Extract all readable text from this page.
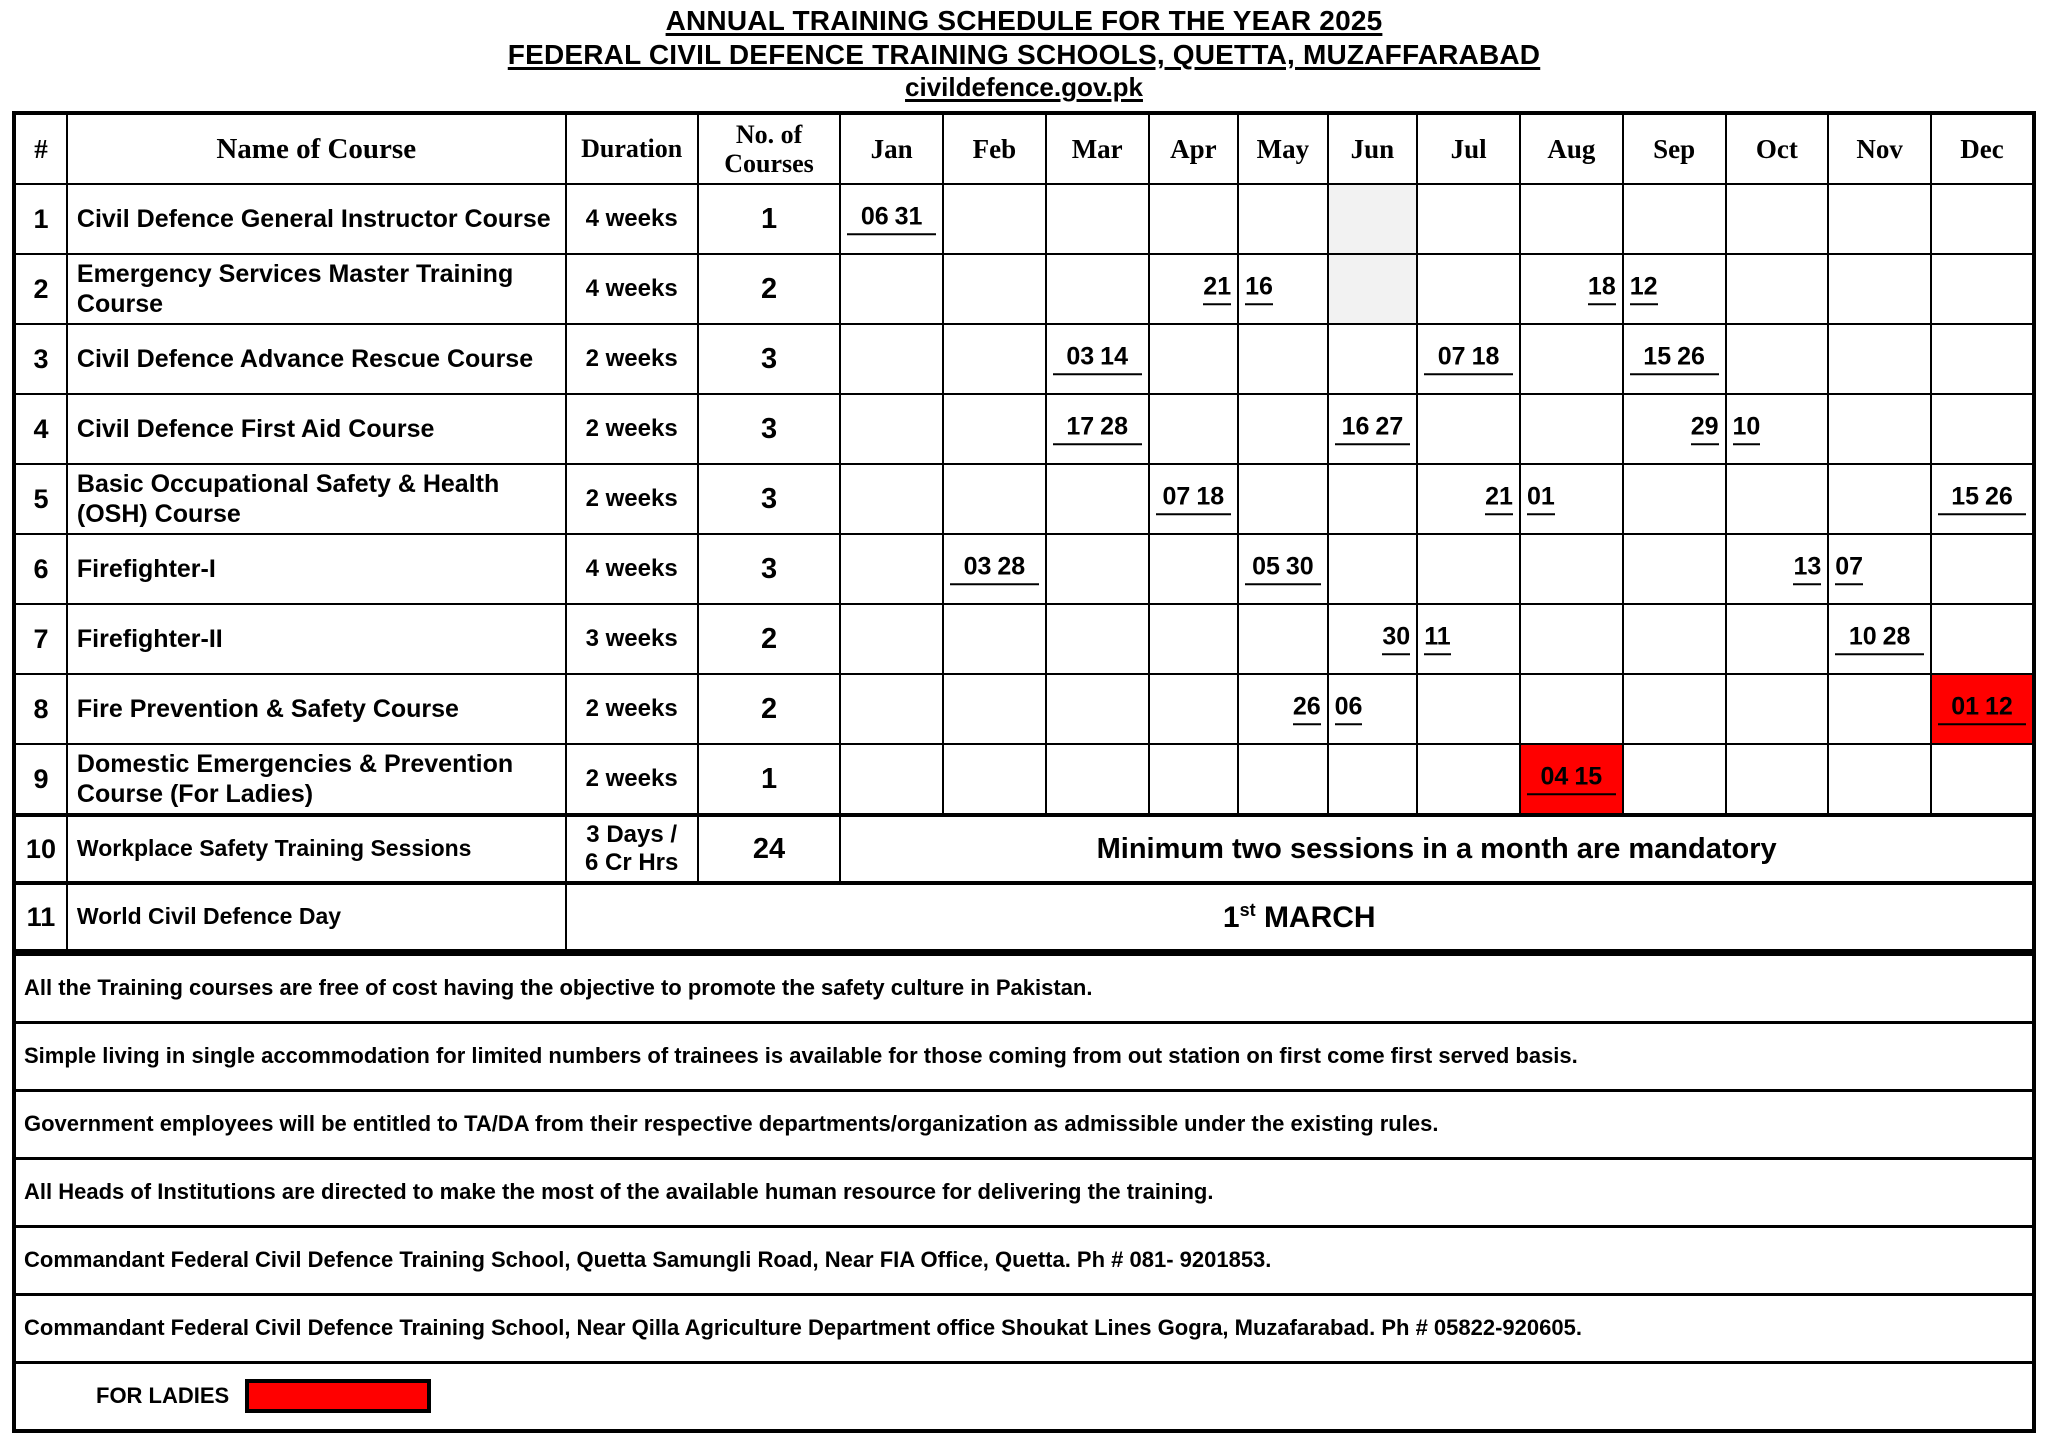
ANNUAL TRAINING SCHEDULE FOR THE YEAR 2025
FEDERAL CIVIL DEFENCE TRAINING SCHOOLS, QUETTA, MUZAFFARABAD
civildefence.gov.pk
#	Name of Course	Duration	No. of Courses	Jan	Feb	Mar	Apr	May	Jun	Jul	Aug	Sep	Oct	Nov	Dec
1	Civil Defence General Instructor Course	4 weeks	1	06 31											

2	Emergency Services Master Training Course	4 weeks	2				21	16			18	12			

3	Civil Defence Advance Rescue Course	2 weeks	3			03 14				07 18		15 26			

4	Civil Defence First Aid Course	2 weeks	3			17 28			16 27			29	10		

5	Basic Occupational Safety & Health (OSH) Course	2 weeks	3				07 18			21	01				15 26

6	Firefighter-I	4 weeks	3		03 28			05 30					13	07	

7	Firefighter-II	3 weeks	2						30	11				10 28	

8	Fire Prevention & Safety Course	2 weeks	2					26	06						01 12

9	Domestic Emergencies & Prevention Course (For Ladies)	2 weeks	1								04 15				

10	Workplace Safety Training Sessions	3 Days /
6 Cr Hrs	24	Minimum two sessions in a month are mandatory											
11	World Civil Defence Day	1st MARCH													
All the Training courses are free of cost having the objective to promote the safety culture in Pakistan.
Simple living in single accommodation for limited numbers of trainees is available for those coming from out station on first come first served basis.
Government employees will be entitled to TA/DA from their respective departments/organization as admissible under the existing rules.
All Heads of Institutions are directed to make the most of the available human resource for delivering the training.
Commandant Federal Civil Defence Training School, Quetta Samungli Road, Near FIA Office, Quetta. Ph # 081- 9201853.
Commandant Federal Civil Defence Training School, Near Qilla Agriculture Department office Shoukat Lines Gogra, Muzafarabad. Ph # 05822-920605.

FOR LADIES
